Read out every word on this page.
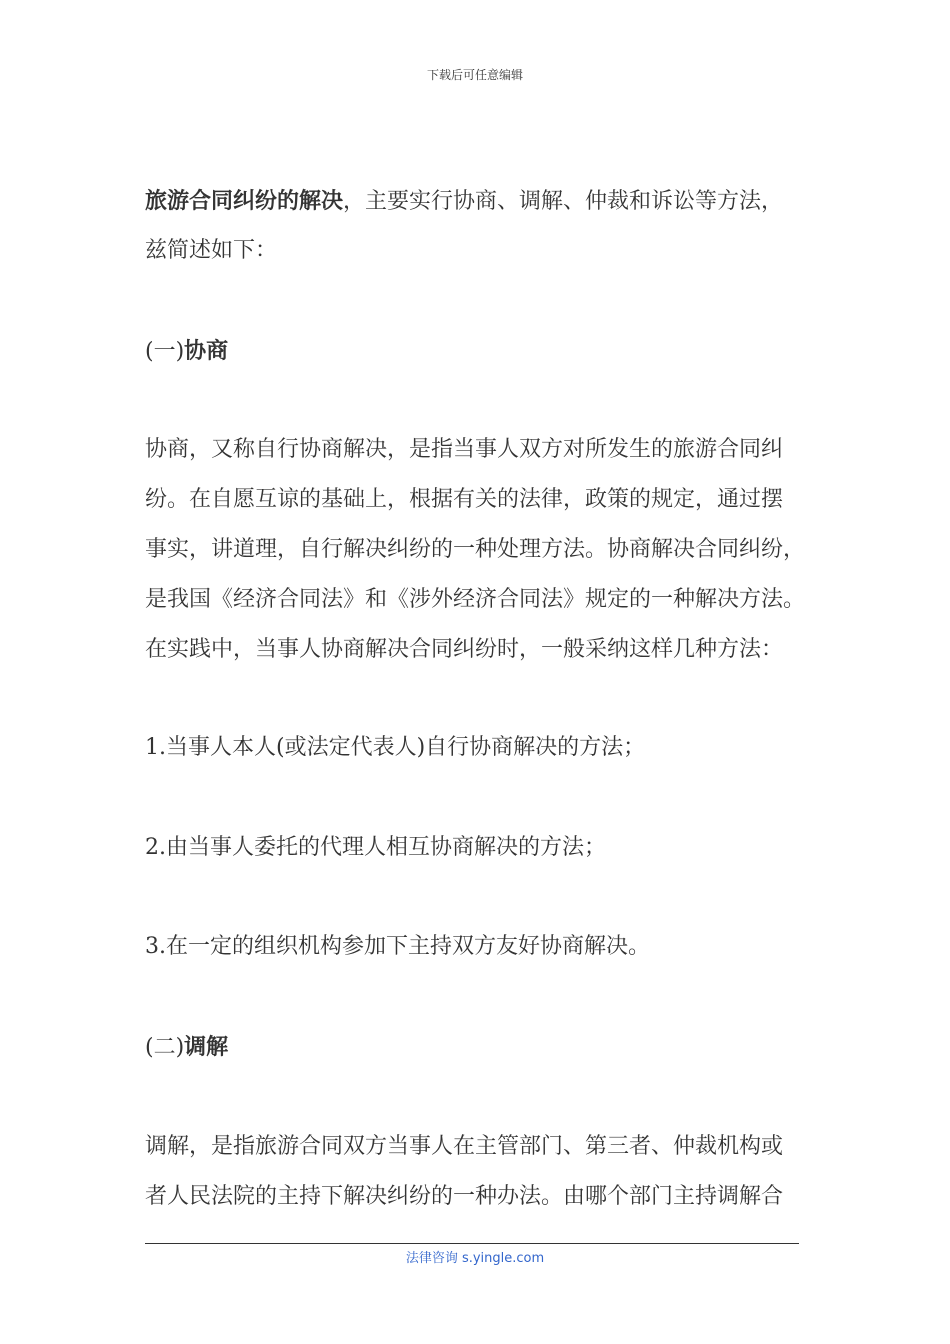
下载后可任意编辑
旅游合同纠纷的解决，主要实行协商、调解、仲裁和诉讼等方法，
兹简述如下：
(一)协商
协商，又称自行协商解决，是指当事人双方对所发生的旅游合同纠
纷。在自愿互谅的基础上，根据有关的法律，政策的规定，通过摆
事实，讲道理，自行解决纠纷的一种处理方法。协商解决合同纠纷，
是我国《经济合同法》和《涉外经济合同法》规定的一种解决方法。
在实践中，当事人协商解决合同纠纷时，一般采纳这样几种方法：
1.当事人本人(或法定代表人)自行协商解决的方法；
2.由当事人委托的代理人相互协商解决的方法；
3.在一定的组织机构参加下主持双方友好协商解决。
(二)调解
调解，是指旅游合同双方当事人在主管部门、第三者、仲裁机构或
者人民法院的主持下解决纠纷的一种办法。由哪个部门主持调解合
法律咨询 s.yingle.com
